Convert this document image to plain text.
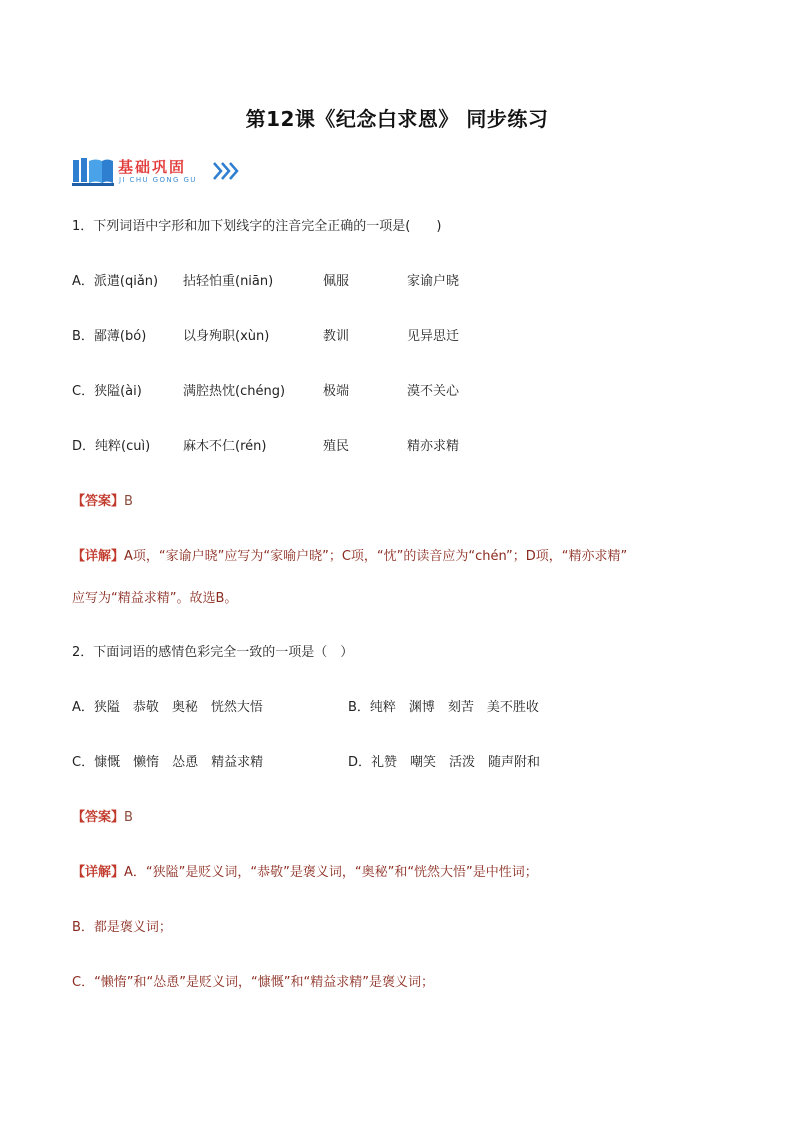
第12课《纪念白求恩》 同步练习
基础巩固
JI CHU GONG GU
1．下列词语中字形和加下划线字的注音完全正确的一项是(　　)
A．派遣(qiǎn) 拈轻怕重(niān)	佩服	家谕户晓
B．鄙薄(bó)	以身殉职(xùn)	教训	见异思迁
C．狭隘(ài)	满腔热忱(chéng)	极端	漠不关心
D．纯粹(cuì)	麻木不仁(rén)	殖民	精亦求精
【答案】B
【详解】A项，“家谕户晓”应写为“家喻户晓”；C项，“忱”的读音应为“chén”；D项，“精亦求精”
应写为“精益求精”。故选B。
2．下面词语的感情色彩完全一致的一项是（　）
A．狭隘　恭敬　奥秘　恍然大悟	B．纯粹　渊博　刻苦　美不胜收
C．慷慨　懒惰　怂恿　精益求精	D．礼赞　嘲笑　活泼　随声附和
【答案】B
【详解】A．“狭隘”是贬义词，“恭敬”是褒义词，“奥秘”和“恍然大悟”是中性词；
B．都是褒义词；
C．“懒惰”和“怂恿”是贬义词，“慷慨”和“精益求精”是褒义词；
